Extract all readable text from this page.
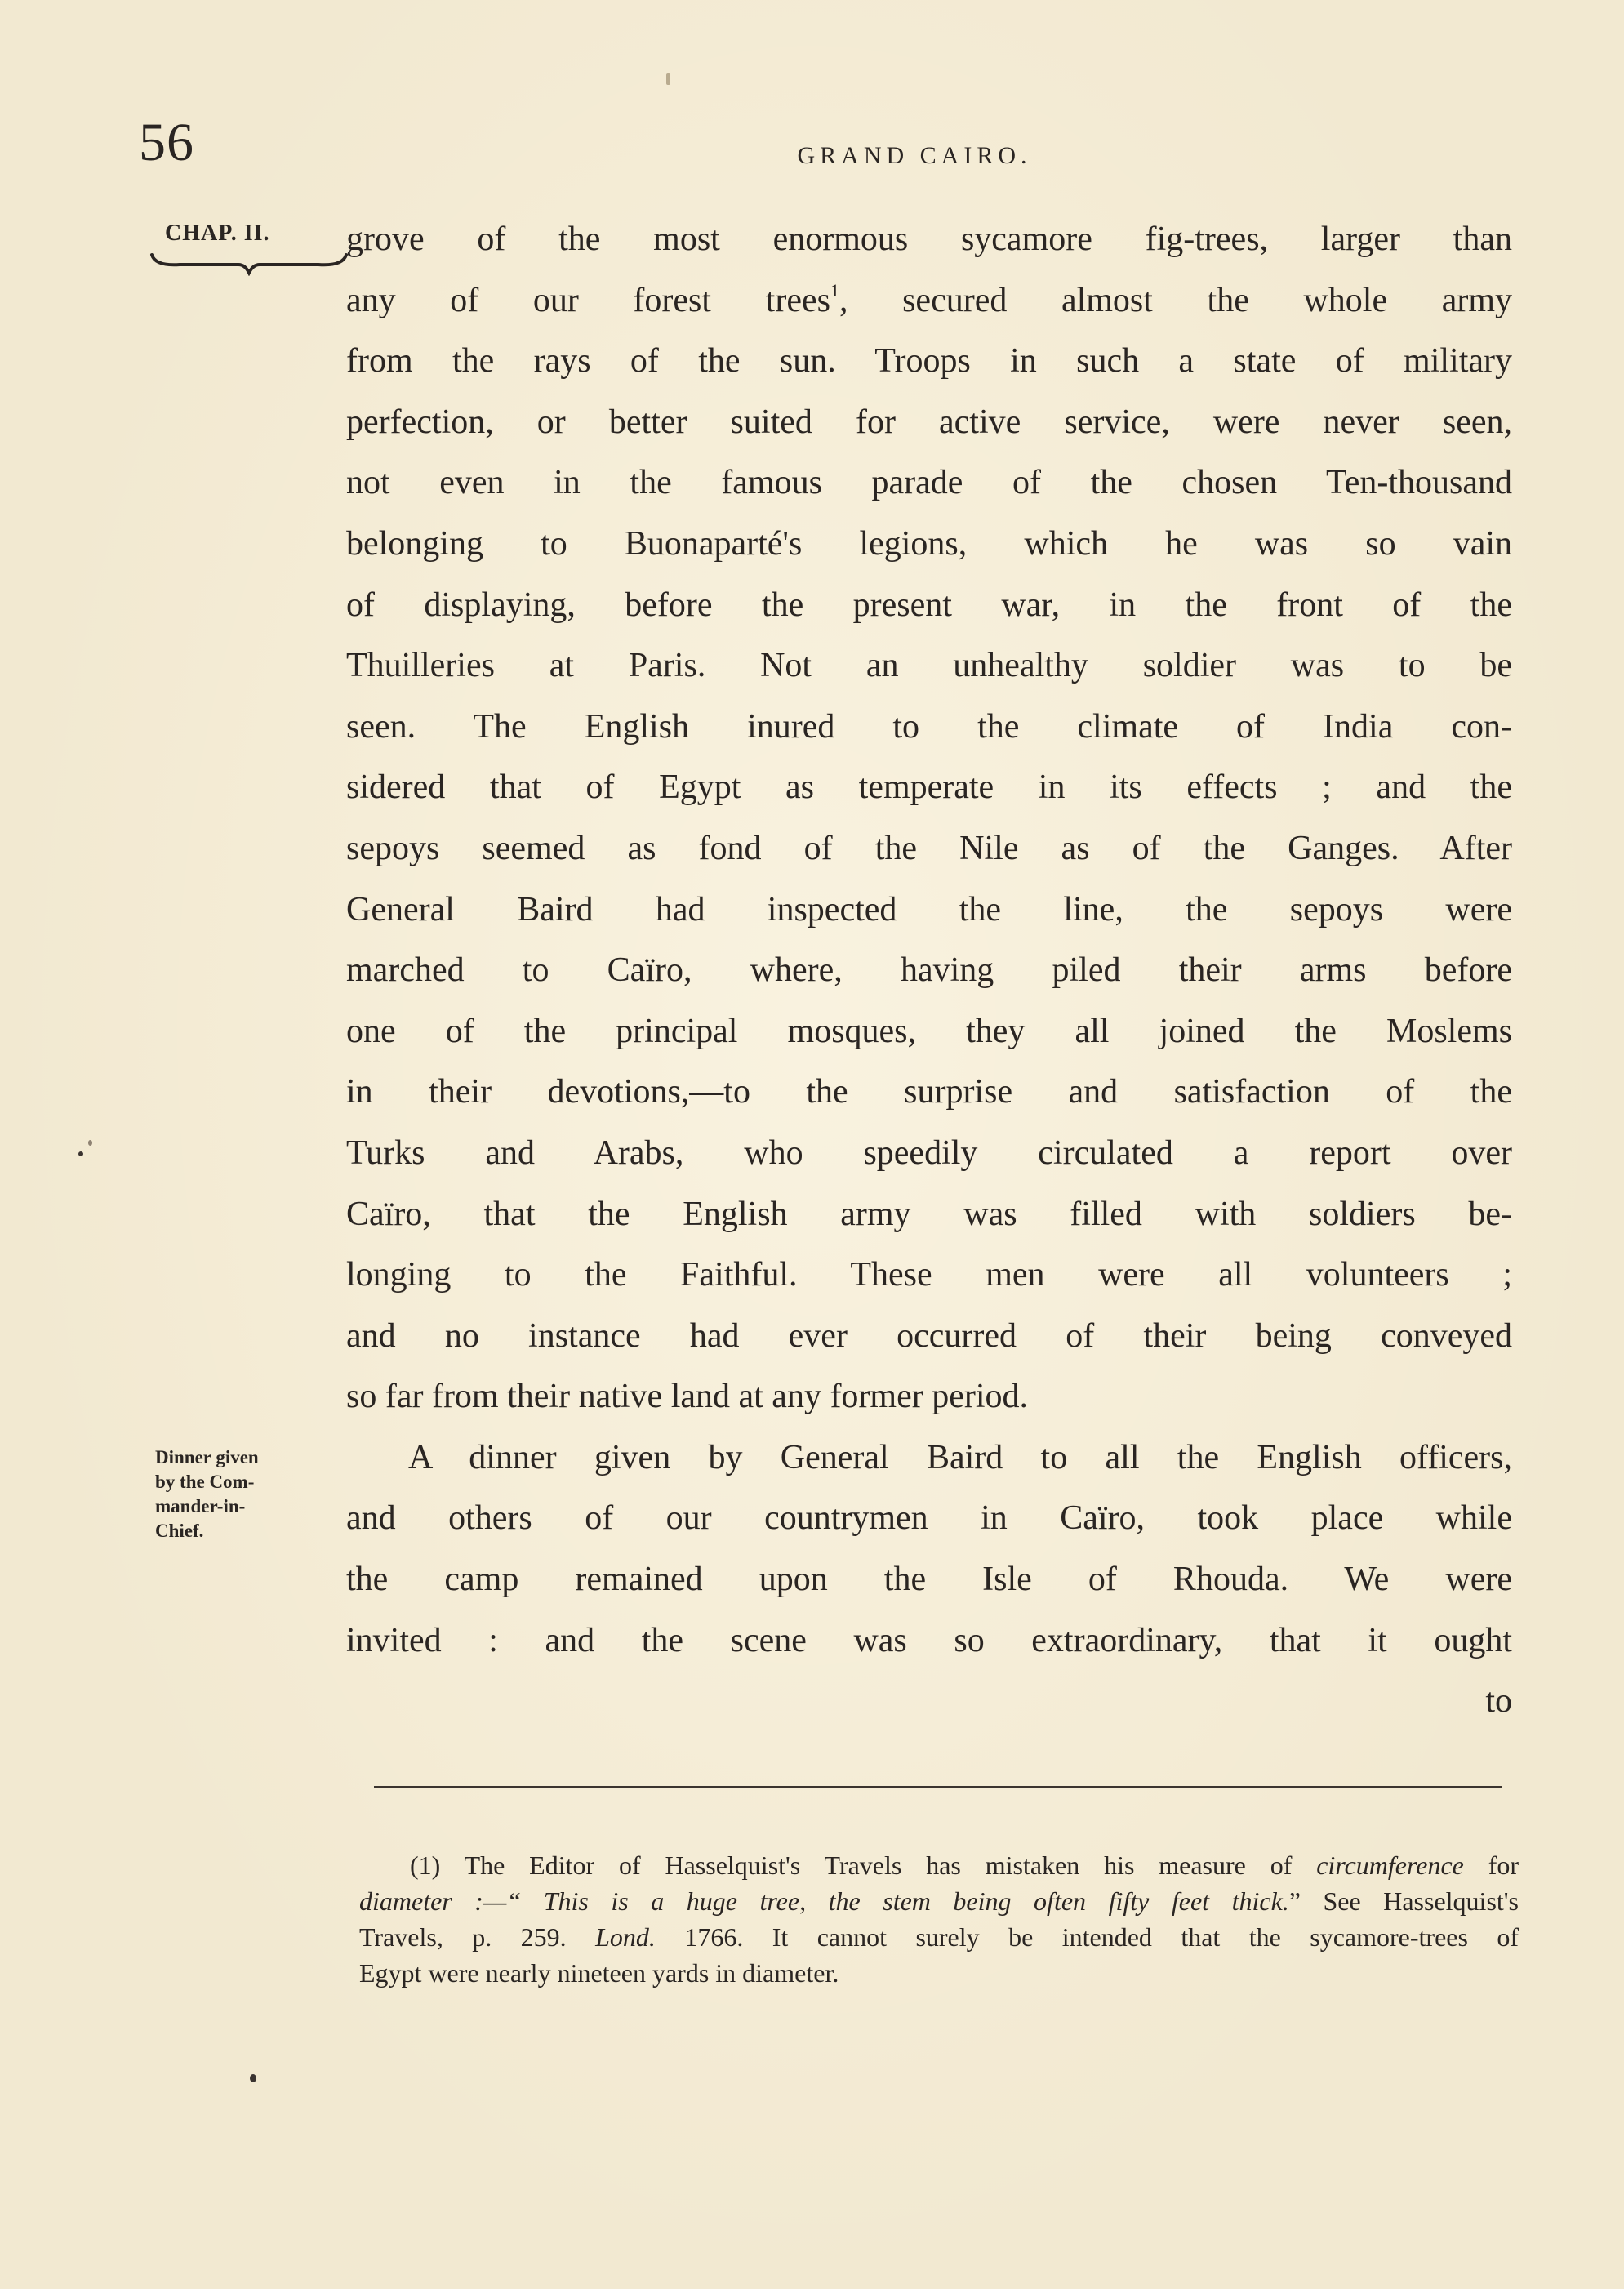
56	GRAND CAIRO.
CHAP. II. grove of the most enormous sycamore fig-trees, larger than
any of our forest trees$^1$, secured almost the whole army
from the rays of the sun. Troops in such a state of military
perfection, or better suited for active service, were never seen,
not even in the famous parade of the chosen Ten-thousand
belonging to Buonaparté's legions, which he was so vain
of displaying, before the present war, in the front of the
Thuilleries at Paris. Not an unhealthy soldier was to be
seen. The English inured to the climate of India con-
sidered that of Egypt as temperate in its effects ; and the
sepoys seemed as fond of the Nile as of the Ganges. After
General Baird had inspected the line, the sepoys were
marched to Caïro, where, having piled their arms before
one of the principal mosques, they all joined the Moslems
in their devotions,—to the surprise and satisfaction of the
Turks and Arabs, who speedily circulated a report over
Caïro, that the English army was filled with soldiers be-
longing to the Faithful. These men were all volunteers ;
and no instance had ever occurred of their being conveyed
so far from their native land at any former period.
A dinner given by General Baird to all the English officers,
and others of our countrymen in Caïro, took place while
the camp remained upon the Isle of Rhouda. We were
invited : and the scene was so extraordinary, that it ought
to
Dinner given
by the Com-
mander-in-
Chief.
(1) The Editor of Hasselquist's Travels has mistaken his measure of circumference for
diameter :—“ This is a huge tree, the stem being often fifty feet thick.” See Hasselquist's
Travels, p. 259. Lond. 1766. It cannot surely be intended that the sycamore-trees of
Egypt were nearly nineteen yards in diameter.
